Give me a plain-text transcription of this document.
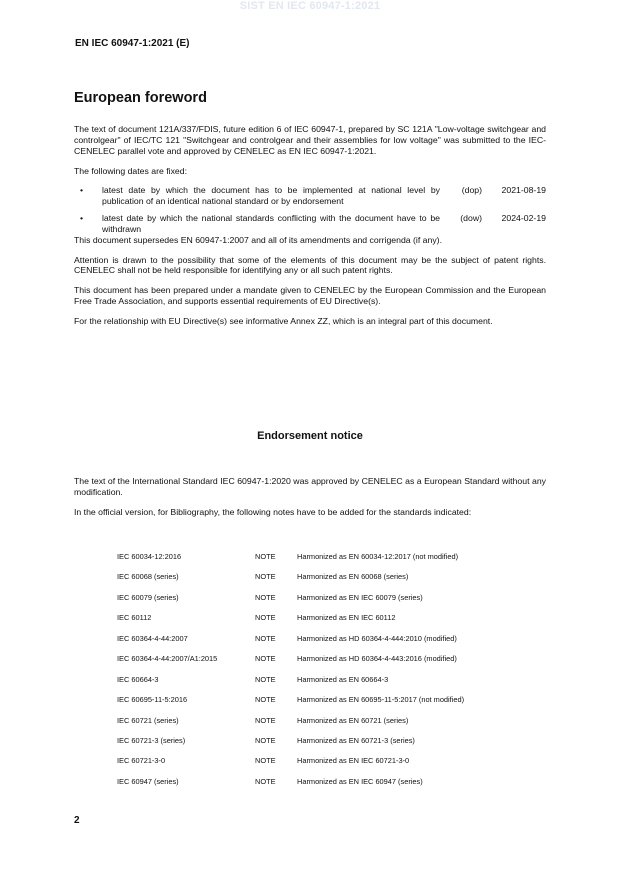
SIST EN IEC 60947-1:2021
EN IEC 60947-1:2021 (E)
European foreword

The text of document 121A/337/FDIS, future edition 6 of IEC 60947-1, prepared by SC 121A "Low-voltage switchgear and controlgear" of IEC/TC 121 "Switchgear and controlgear and their assemblies for low voltage" was submitted to the IEC-CENELEC parallel vote and approved by CENELEC as EN IEC 60947-1:2021.

The following dates are fixed:

• latest date by which the document has to be implemented at national level by publication of an identical national standard or by endorsement
(dop)	2021-08-19
• latest date by which the national standards conflicting with the document have to be withdrawn
(dow)	2024-02-19

This document supersedes EN 60947-1:2007 and all of its amendments and corrigenda (if any).

Attention is drawn to the possibility that some of the elements of this document may be the subject of patent rights. CENELEC shall not be held responsible for identifying any or all such patent rights.

This document has been prepared under a mandate given to CENELEC by the European Commission and the European Free Trade Association, and supports essential requirements of EU Directive(s).

For the relationship with EU Directive(s) see informative Annex ZZ, which is an integral part of this document.

Endorsement notice

The text of the International Standard IEC 60947-1:2020 was approved by CENELEC as a European Standard without any modification.

In the official version, for Bibliography, the following notes have to be added for the standards indicated:

IEC 60034-12:2016	NOTE	Harmonized as EN 60034-12:2017 (not modified)
IEC 60068 (series)	NOTE	Harmonized as EN 60068 (series)
IEC 60079 (series)	NOTE	Harmonized as EN IEC 60079 (series)
IEC 60112	NOTE	Harmonized as EN IEC 60112
IEC 60364-4-44:2007	NOTE	Harmonized as HD 60364-4-444:2010 (modified)
IEC 60364-4-44:2007/A1:2015	NOTE	Harmonized as HD 60364-4-443:2016 (modified)
IEC 60664-3	NOTE	Harmonized as EN 60664-3
IEC 60695-11-5:2016	NOTE	Harmonized as EN 60695-11-5:2017 (not modified)
IEC 60721 (series)	NOTE	Harmonized as EN 60721 (series)
IEC 60721-3 (series)	NOTE	Harmonized as EN 60721-3 (series)
IEC 60721-3-0	NOTE	Harmonized as EN IEC 60721-3-0
IEC 60947 (series)	NOTE	Harmonized as EN IEC 60947 (series)
2
